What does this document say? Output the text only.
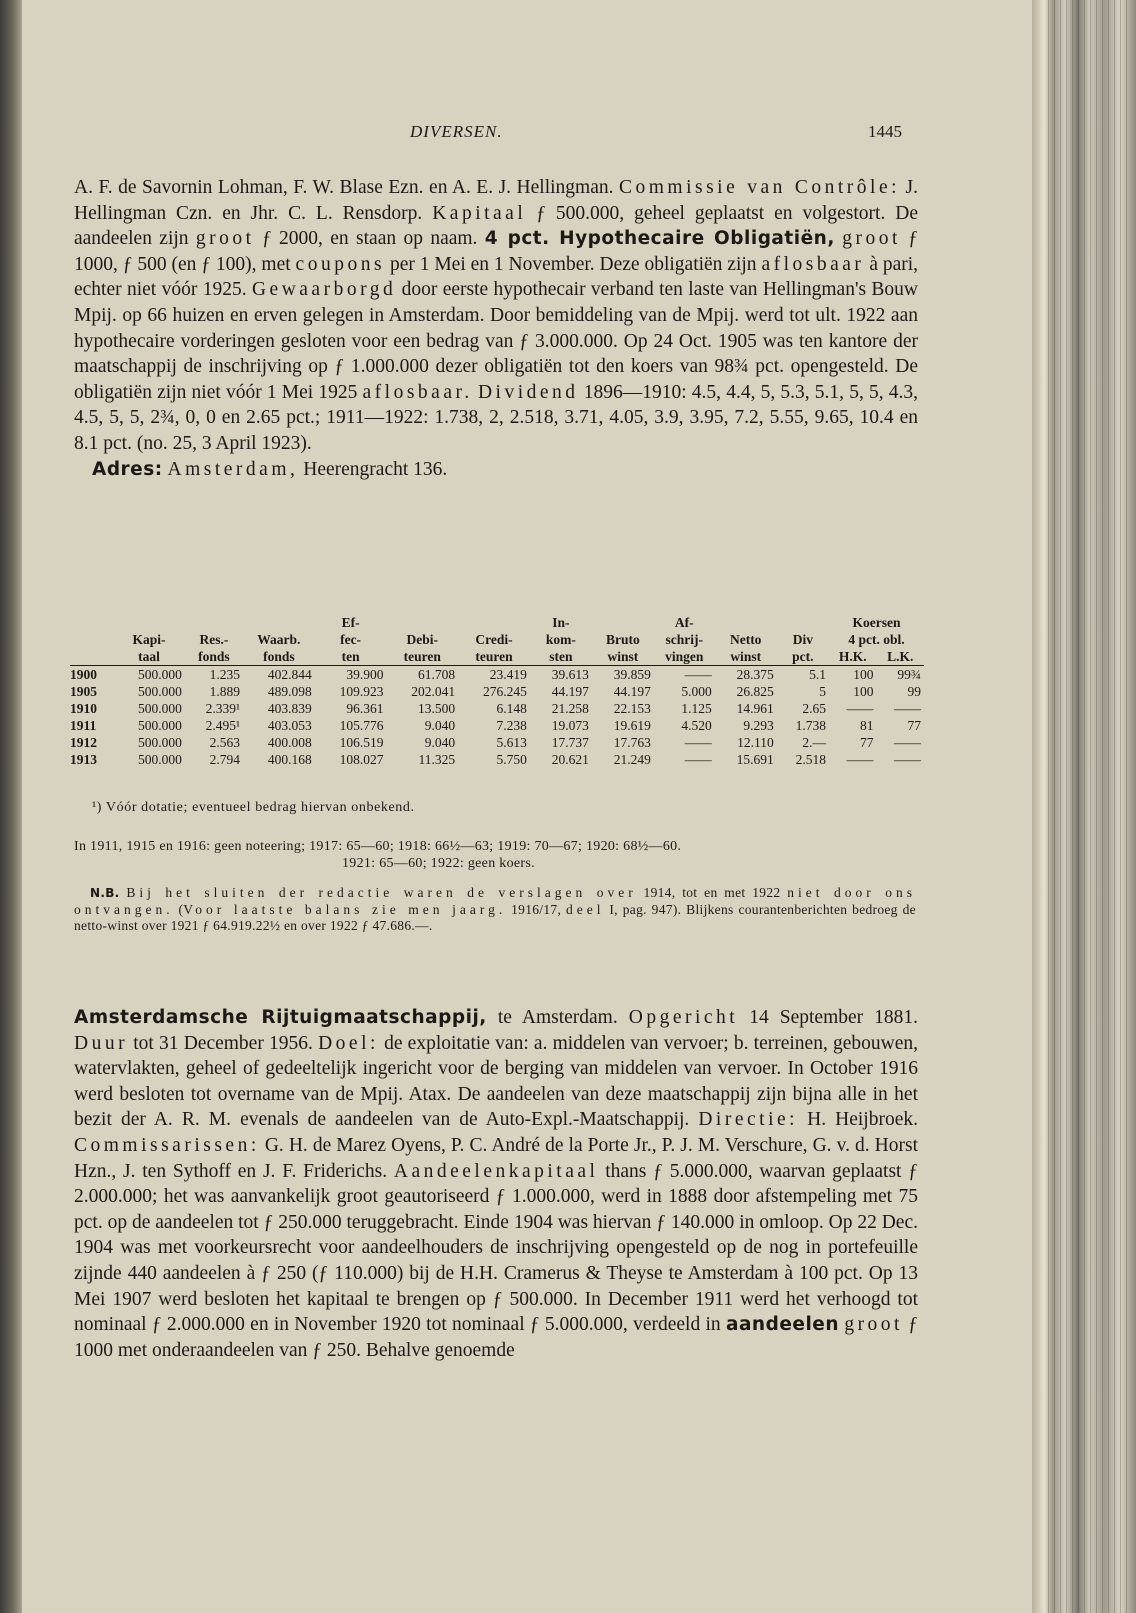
DIVERSEN.	1445
A. F. de Savornin Lohman, F. W. Blase Ezn. en A. E. J. Hellingman. Commissie van Contrôle: J. Hellingman Czn. en Jhr. C. L. Rensdorp. Kapitaal ƒ 500.000, geheel geplaatst en volgestort. De aandeelen zijn groot ƒ 2000, en staan op naam. 4 pct. Hypothecaire Obligatiën, groot ƒ 1000, ƒ 500 (en ƒ 100), met coupons per 1 Mei en 1 November. Deze obligatiën zijn aflosbaar à pari, echter niet vóór 1925. Gewaarborgd door eerste hypothecair verband ten laste van Hellingman's Bouw Mpij. op 66 huizen en erven gelegen in Amsterdam. Door bemiddeling van de Mpij. werd tot ult. 1922 aan hypothecaire vorderingen gesloten voor een bedrag van ƒ 3.000.000. Op 24 Oct. 1905 was ten kantore der maatschappij de inschrijving op ƒ 1.000.000 dezer obligatiën tot den koers van 98¾ pct. opengesteld. De obligatiën zijn niet vóór 1 Mei 1925 aflosbaar. Dividend 1896—1910: 4.5, 4.4, 5, 5.3, 5.1, 5, 5, 4.3, 4.5, 5, 5, 2¾, 0, 0 en 2.65 pct.; 1911—1922: 1.738, 2, 2.518, 3.71, 4.05, 3.9, 3.95, 7.2, 5.55, 9.65, 10.4 en 8.1 pct. (no. 25, 3 April 1923).
Adres: Amsterdam, Heerengracht 136.
				Ef-			In-		Af-			Koersen	
	Kapi-	Res.-	Waarb.	fec-	Debi-	Credi-	kom-	Bruto	schrij-	Netto	Div	4 pct. obl.	
	taal	fonds	fonds	ten	teuren	teuren	sten	winst	vingen	winst	pct.	H.K.	L.K.
1900	500.000	1.235	402.844	39.900	61.708	23.419	39.613	39.859	——	28.375	5.1	100	99¾
1905	500.000	1.889	489.098	109.923	202.041	276.245	44.197	44.197	5.000	26.825	5	100	99
1910	500.000	2.339¹	403.839	96.361	13.500	6.148	21.258	22.153	1.125	14.961	2.65	——	——
1911	500.000	2.495¹	403.053	105.776	9.040	7.238	19.073	19.619	4.520	9.293	1.738	81	77
1912	500.000	2.563	400.008	106.519	9.040	5.613	17.737	17.763	——	12.110	2.—	77	——
1913	500.000	2.794	400.168	108.027	11.325	5.750	20.621	21.249	——	15.691	2.518	——	——
¹) Vóór dotatie; eventueel bedrag hiervan onbekend.
In 1911, 1915 en 1916: geen noteering; 1917: 65—60; 1918: 66½—63; 1919: 70—67; 1920: 68½—60.
1921: 65—60; 1922: geen koers.
N.B. Bij het sluiten der redactie waren de verslagen over 1914, tot en met 1922 niet door ons ontvangen. (Voor laatste balans zie men jaarg. 1916/17, deel I, pag. 947). Blijkens courantenberichten bedroeg de netto-winst over 1921 ƒ 64.919.22½ en over 1922 ƒ 47.686.—.
Amsterdamsche Rijtuigmaatschappij, te Amsterdam. Opgericht 14 September 1881. Duur tot 31 December 1956. Doel: de exploitatie van: a. middelen van vervoer; b. terreinen, gebouwen, watervlakten, geheel of gedeeltelijk ingericht voor de berging van middelen van vervoer. In October 1916 werd besloten tot overname van de Mpij. Atax. De aandeelen van deze maatschappij zijn bijna alle in het bezit der A. R. M. evenals de aandeelen van de Auto-Expl.-Maatschappij. Directie: H. Heijbroek. Commissarissen: G. H. de Marez Oyens, P. C. André de la Porte Jr., P. J. M. Verschure, G. v. d. Horst Hzn., J. ten Sythoff en J. F. Friderichs. Aandeelenkapitaal thans ƒ 5.000.000, waarvan geplaatst ƒ 2.000.000; het was aanvankelijk groot geautoriseerd ƒ 1.000.000, werd in 1888 door afstempeling met 75 pct. op de aandeelen tot ƒ 250.000 teruggebracht. Einde 1904 was hiervan ƒ 140.000 in omloop. Op 22 Dec. 1904 was met voorkeursrecht voor aandeelhouders de inschrijving opengesteld op de nog in portefeuille zijnde 440 aandeelen à ƒ 250 (ƒ 110.000) bij de H.H. Cramerus & Theyse te Amsterdam à 100 pct. Op 13 Mei 1907 werd besloten het kapitaal te brengen op ƒ 500.000. In December 1911 werd het verhoogd tot nominaal ƒ 2.000.000 en in November 1920 tot nominaal ƒ 5.000.000, verdeeld in aandeelen groot ƒ 1000 met onderaandeelen van ƒ 250. Behalve genoemde
